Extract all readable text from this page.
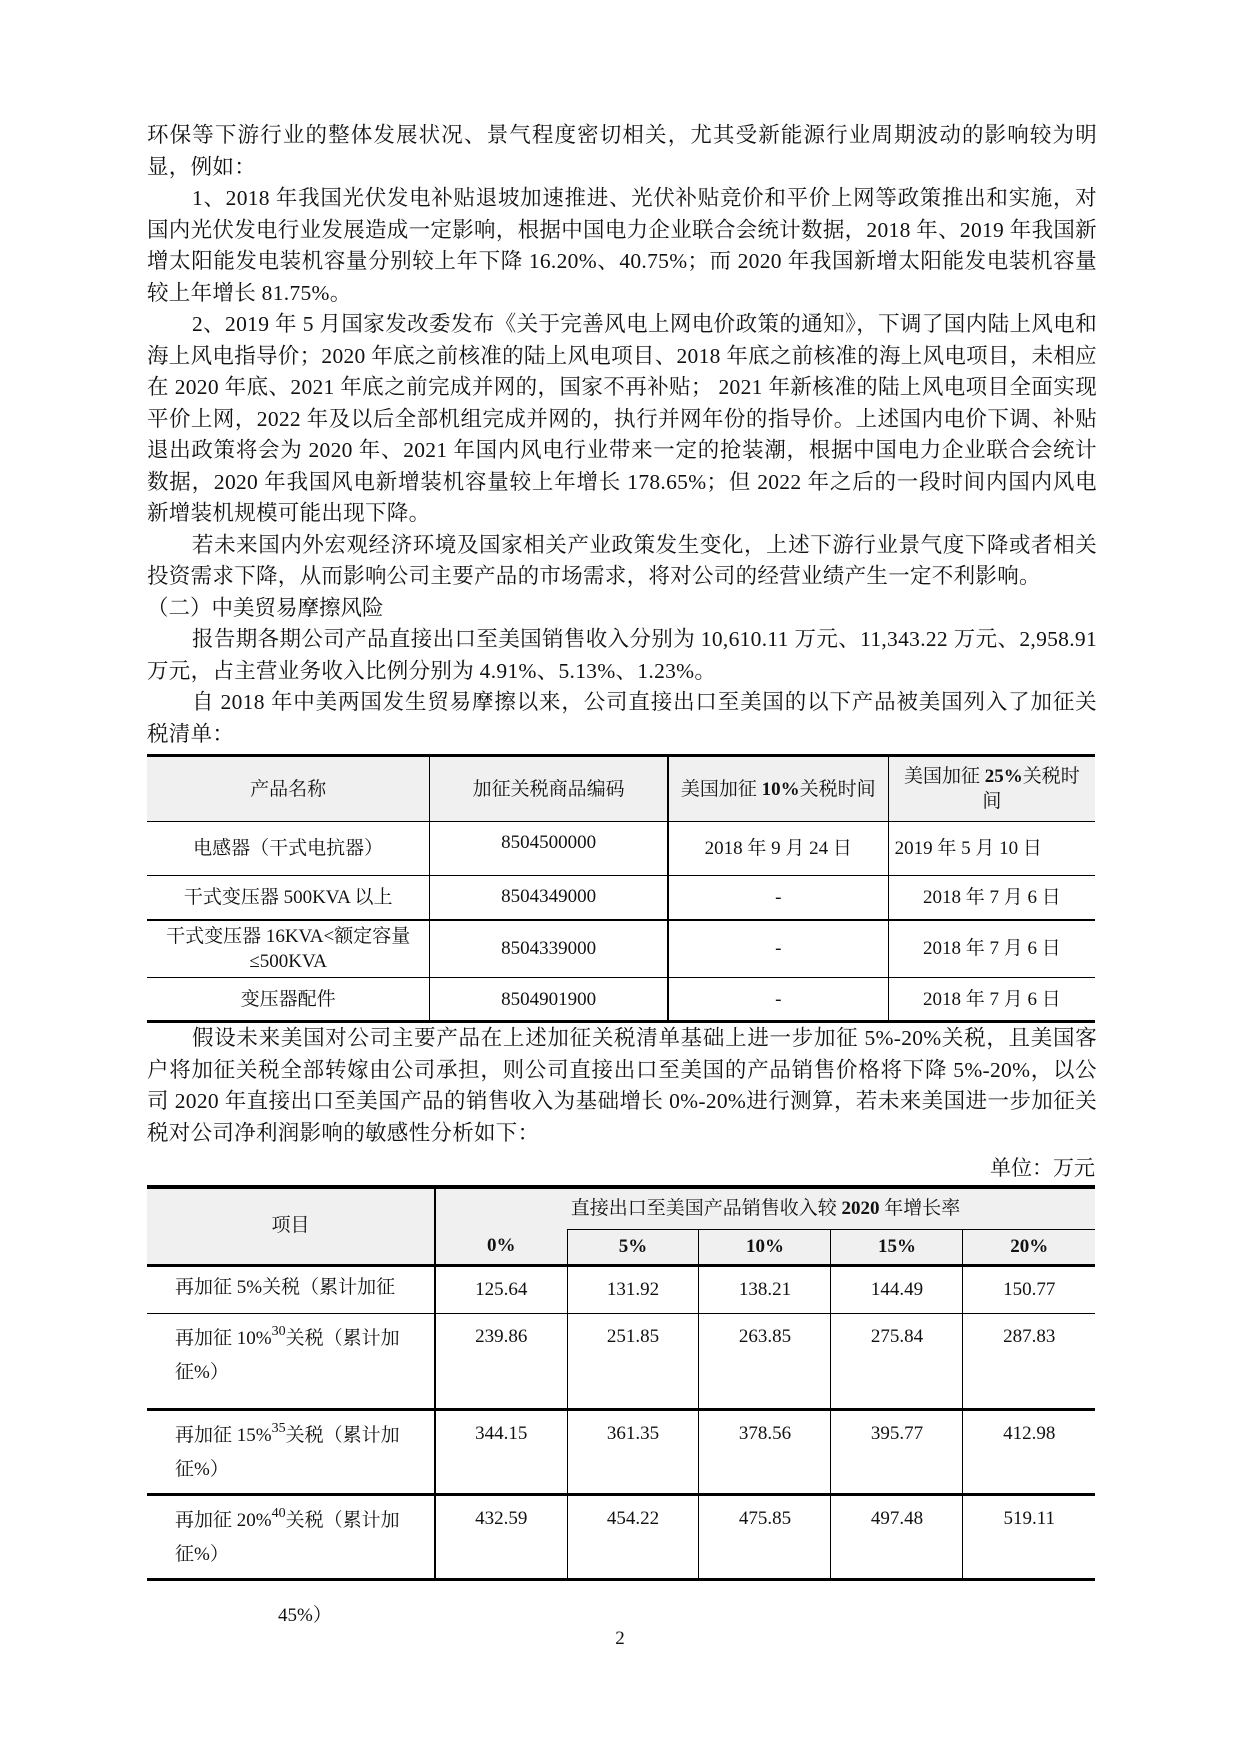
环保等下游行业的整体发展状况、景气程度密切相关，尤其受新能源行业周期波动的影响较为明显，例如：

1、2018 年我国光伏发电补贴退坡加速推进、光伏补贴竞价和平价上网等政策推出和实施，对国内光伏发电行业发展造成一定影响，根据中国电力企业联合会统计数据，2018 年、2019 年我国新增太阳能发电装机容量分别较上年下降 16.20%、40.75%；而 2020 年我国新增太阳能发电装机容量较上年增长 81.75%。

2、2019 年 5 月国家发改委发布《关于完善风电上网电价政策的通知》，下调了国内陆上风电和海上风电指导价；2020 年底之前核准的陆上风电项目、2018 年底之前核准的海上风电项目，未相应在 2020 年底、2021 年底之前完成并网的，国家不再补贴； 2021 年新核准的陆上风电项目全面实现平价上网，2022 年及以后全部机组完成并网的，执行并网年份的指导价。上述国内电价下调、补贴退出政策将会为 2020 年、2021 年国内风电行业带来一定的抢装潮，根据中国电力企业联合会统计数据，2020 年我国风电新增装机容量较上年增长 178.65%；但 2022 年之后的一段时间内国内风电新增装机规模可能出现下降。

若未来国内外宏观经济环境及国家相关产业政策发生变化，上述下游行业景气度下降或者相关投资需求下降，从而影响公司主要产品的市场需求，将对公司的经营业绩产生一定不利影响。

（二）中美贸易摩擦风险

报告期各期公司产品直接出口至美国销售收入分别为 10,610.11 万元、11,343.22 万元、2,958.91 万元，占主营业务收入比例分别为 4.91%、5.13%、1.23%。

自 2018 年中美两国发生贸易摩擦以来，公司直接出口至美国的以下产品被美国列入了加征关税清单：

产品名称	加征关税商品编码	美国加征 10%关税时间	美国加征 25%关税时间
电感器（干式电抗器）	8504500000	2018 年 9 月 24 日	2019 年 5 月 10 日
干式变压器 500KVA 以上	8504349000	-	2018 年 7 月 6 日
干式变压器 16KVA<额定容量≤500KVA	8504339000	-	2018 年 7 月 6 日
变压器配件	8504901900	-	2018 年 7 月 6 日

假设未来美国对公司主要产品在上述加征关税清单基础上进一步加征 5%-20%关税，且美国客户将加征关税全部转嫁由公司承担，则公司直接出口至美国的产品销售价格将下降 5%-20%，以公司 2020 年直接出口至美国产品的销售收入为基础增长 0%-20%进行测算，若未来美国进一步加征关税对公司净利润影响的敏感性分析如下：

单位：万元

项目	直接出口至美国产品销售收入较 2020 年增长率				
	0%	5%	10%	15%	20%
再加征 5%关税（累计加征	125.64	131.92	138.21	144.49	150.77
再加征 10%$^{30}$关税（累计加征%）	239.86	251.85	263.85	275.84	287.83
再加征 15%$^{35}$关税（累计加征%）	344.15	361.35	378.56	395.77	412.98
再加征 20%$^{40}$关税（累计加征%）	432.59	454.22	475.85	497.48	519.11
45%）
2
